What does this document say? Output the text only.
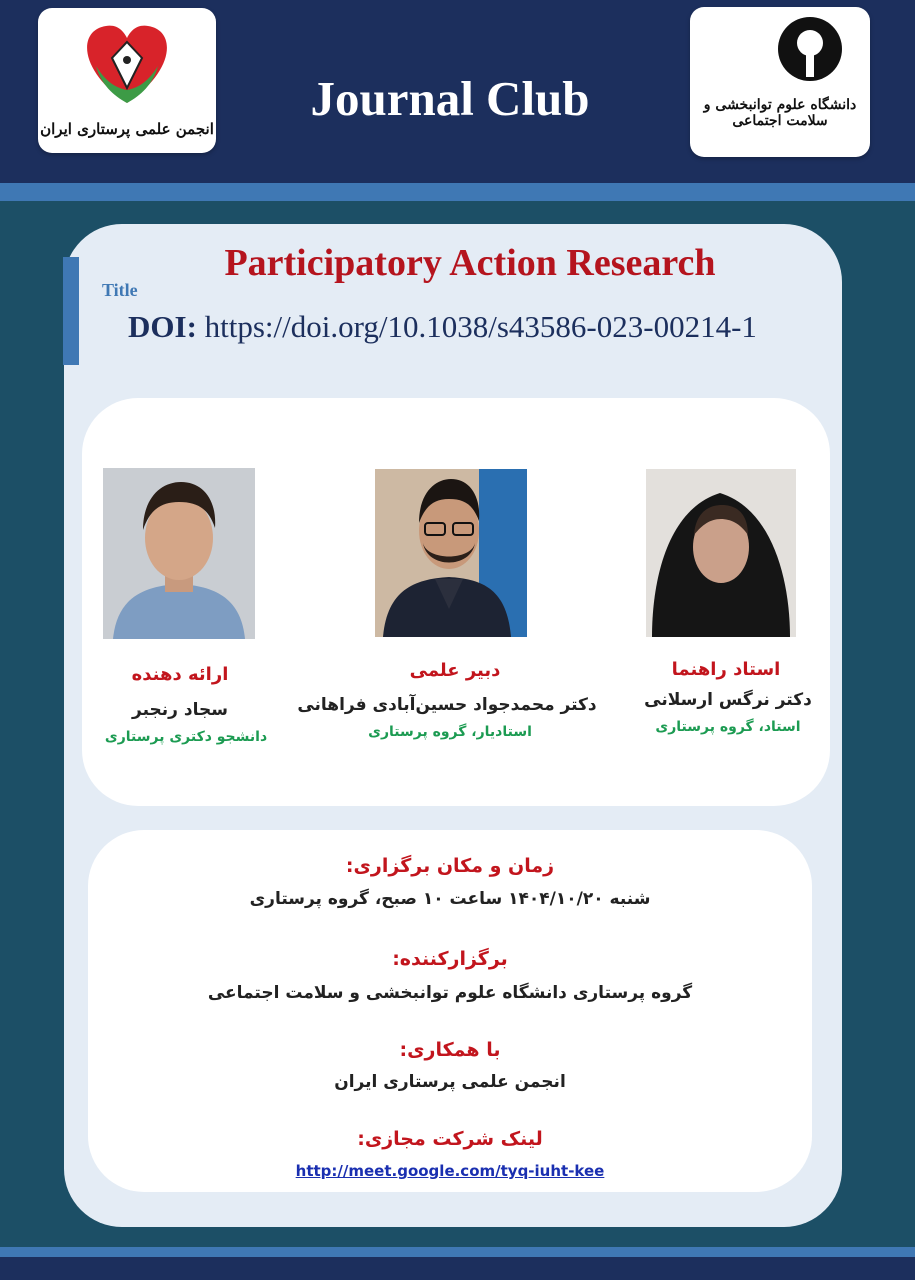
انجمن علمی پرستاری ایران
Journal Club	دانشگاه علوم توانبخشی و سلامت اجتماعی
Participatory Action Research
Title
DOI: https://doi.org/10.1038/s43586-023-00214-1
ارائه دهنده
سجاد رنجبر
دانشجو دکتری پرستاری
دبیر علمی
دکتر محمدجواد حسین‌آبادی فراهانی
استادیار، گروه پرستاری
استاد راهنما
دکتر نرگس ارسلانی
استاد، گروه پرستاری
زمان و مکان برگزاری:
شنبه ۱۴۰۴/۱۰/۲۰ ساعت ۱۰ صبح، گروه پرستاری
برگزارکننده:
گروه پرستاری دانشگاه علوم توانبخشی و سلامت اجتماعی
با همکاری:
انجمن علمی پرستاری ایران
لینک شرکت مجازی:
http://meet.google.com/tyq-iuht-kee
